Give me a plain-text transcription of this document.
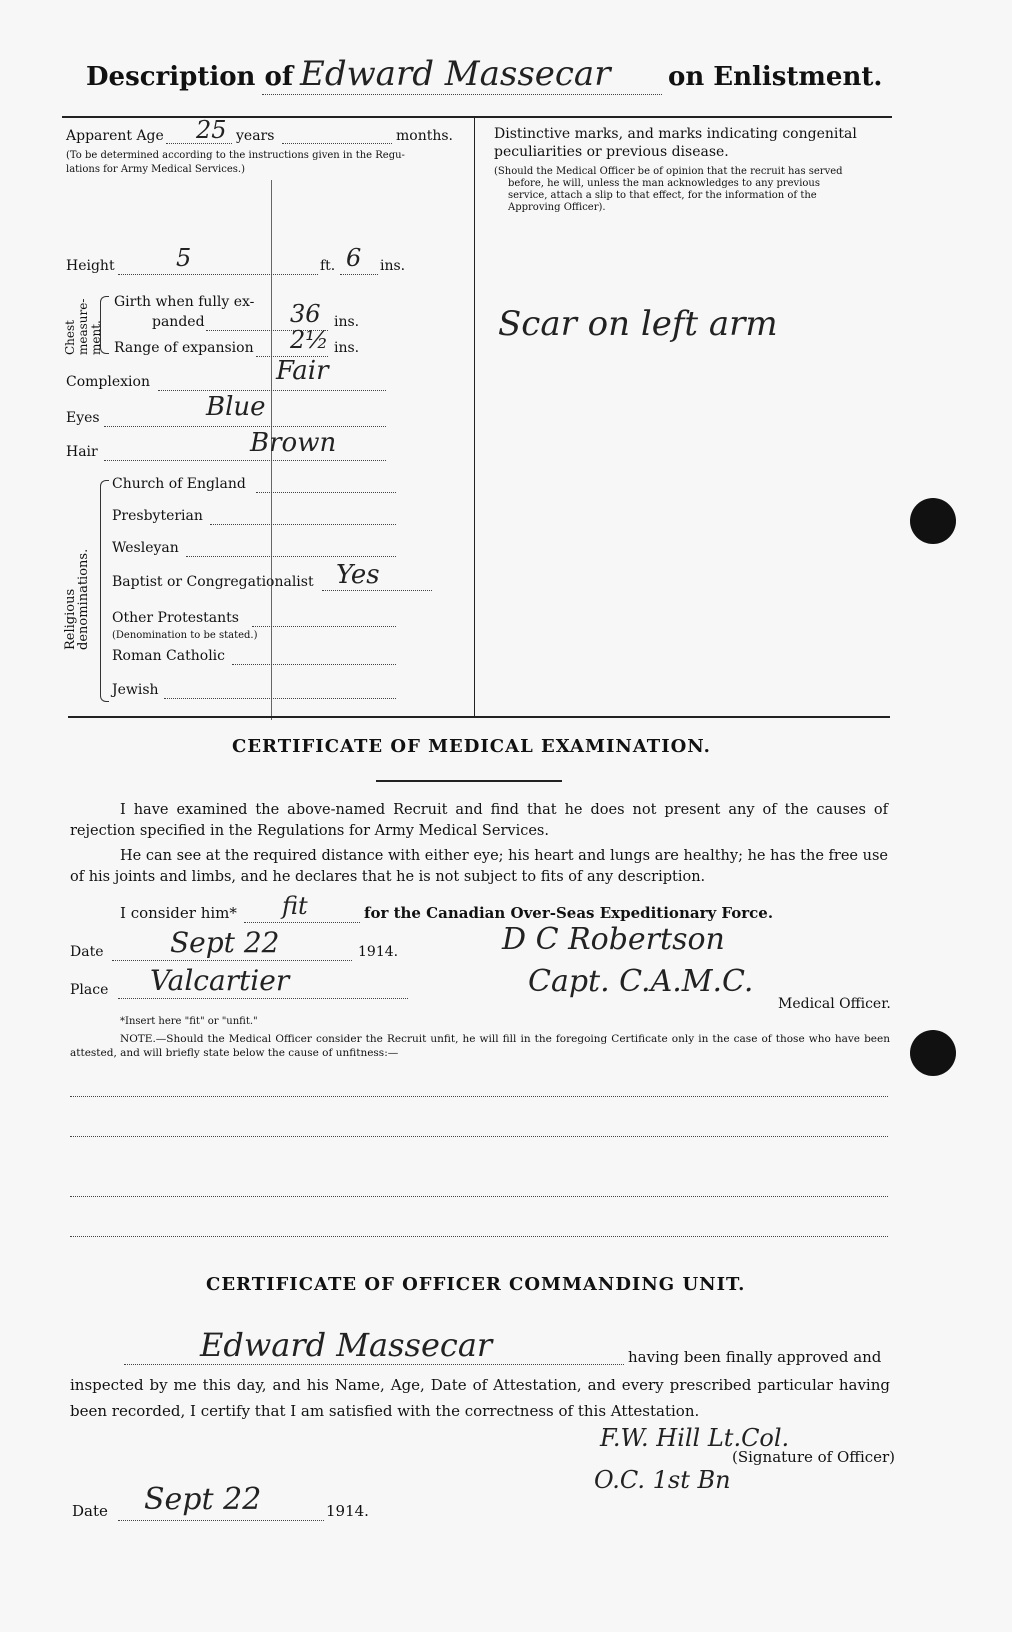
Description of Edward Massecar on Enlistment.
Apparent Age 25 years	months.
(To be determined according to the instructions given in the Regu-
lations for Army Medical Services.)
Height	5	ft. 6 ins.
Chest measure- ment.
Girth when fully ex-
panded	36 ins.
Range of expansion 2½ ins.
Complexion	Fair
Eyes	Blue
Hair	Brown
Religious denominations.
Church of England
Presbyterian
Wesleyan
Baptist or Congregationalist Yes
Other Protestants
(Denomination to be stated.)
Roman Catholic
Jewish
Distinctive marks, and marks indicating congenital
peculiarities or previous disease.
(Should the Medical Officer be of opinion that the recruit has served
before, he will, unless the man acknowledges to any previous
service, attach a slip to that effect, for the information of the
Approving Officer).
Scar on left arm
CERTIFICATE OF MEDICAL EXAMINATION.

I have examined the above-named Recruit and find that he does not present any of the causes of rejection specified in the Regulations for Army Medical Services.

He can see at the required distance with either eye; his heart and lungs are healthy; he has the free use of his joints and limbs, and he declares that he is not subject to fits of any description.

I consider him* fit	for the Canadian Over-Seas Expeditionary Force.
Date Sept 22	1914.	D C Robertson
Place Valcartier	Capt. C.A.M.C.
Medical Officer.
*Insert here "fit" or "unfit."

NOTE.—Should the Medical Officer consider the Recruit unfit, he will fill in the foregoing Certificate only in the case of those who have been attested, and will briefly state below the cause of unfitness:—

CERTIFICATE OF OFFICER COMMANDING UNIT.
Edward Massecar	having been finally approved and

inspected by me this day, and his Name, Age, Date of Attestation, and every prescribed particular having been recorded, I certify that I am satisfied with the correctness of this Attestation.

F.W. Hill Lt.Col.
(Signature of Officer)
O.C. 1st Bn
Date Sept 22	1914.
